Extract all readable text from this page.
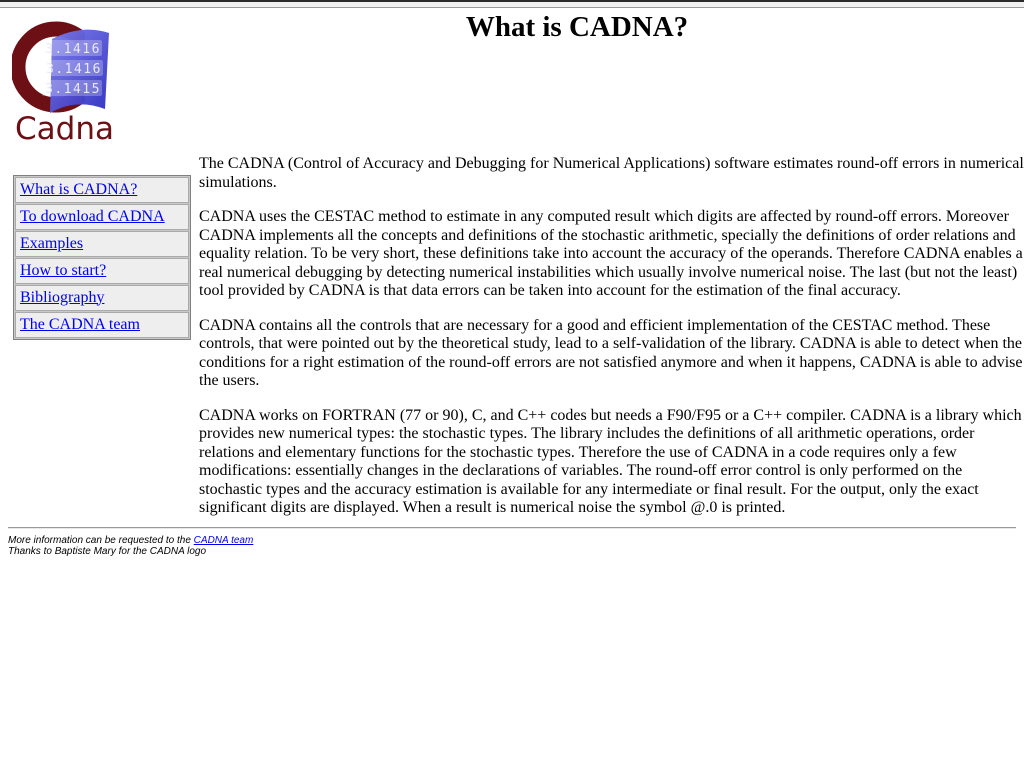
3.1416
3.1416
3.1415
Cadna
What is CADNA?
What is CADNA?
To download CADNA
Examples
How to start?
Bibliography
The CADNA team

The CADNA (Control of Accuracy and Debugging for Numerical Applications) software estimates round-off errors in numerical simulations.

CADNA uses the CESTAC method to estimate in any computed result which digits are affected by round-off errors. Moreover CADNA implements all the concepts and definitions of the stochastic arithmetic, specially the definitions of order relations and equality relation. To be very short, these definitions take into account the accuracy of the operands. Therefore CADNA enables a real numerical debugging by detecting numerical instabilities which usually involve numerical noise. The last (but not the least) tool provided by CADNA is that data errors can be taken into account for the estimation of the final accuracy.

CADNA contains all the controls that are necessary for a good and efficient implementation of the CESTAC method. These controls, that were pointed out by the theoretical study, lead to a self-validation of the library. CADNA is able to detect when the conditions for a right estimation of the round-off errors are not satisfied anymore and when it happens, CADNA is able to advise the users.

CADNA works on FORTRAN (77 or 90), C, and C++ codes but needs a F90/F95 or a C++ compiler. CADNA is a library which provides new numerical types: the stochastic types. The library includes the definitions of all arithmetic operations, order relations and elementary functions for the stochastic types. Therefore the use of CADNA in a code requires only a few modifications: essentially changes in the declarations of variables. The round-off error control is only performed on the stochastic types and the accuracy estimation is available for any intermediate or final result. For the output, only the exact significant digits are displayed. When a result is numerical noise the symbol @.0 is printed.

More information can be requested to the CADNA team
Thanks to Baptiste Mary for the CADNA logo
